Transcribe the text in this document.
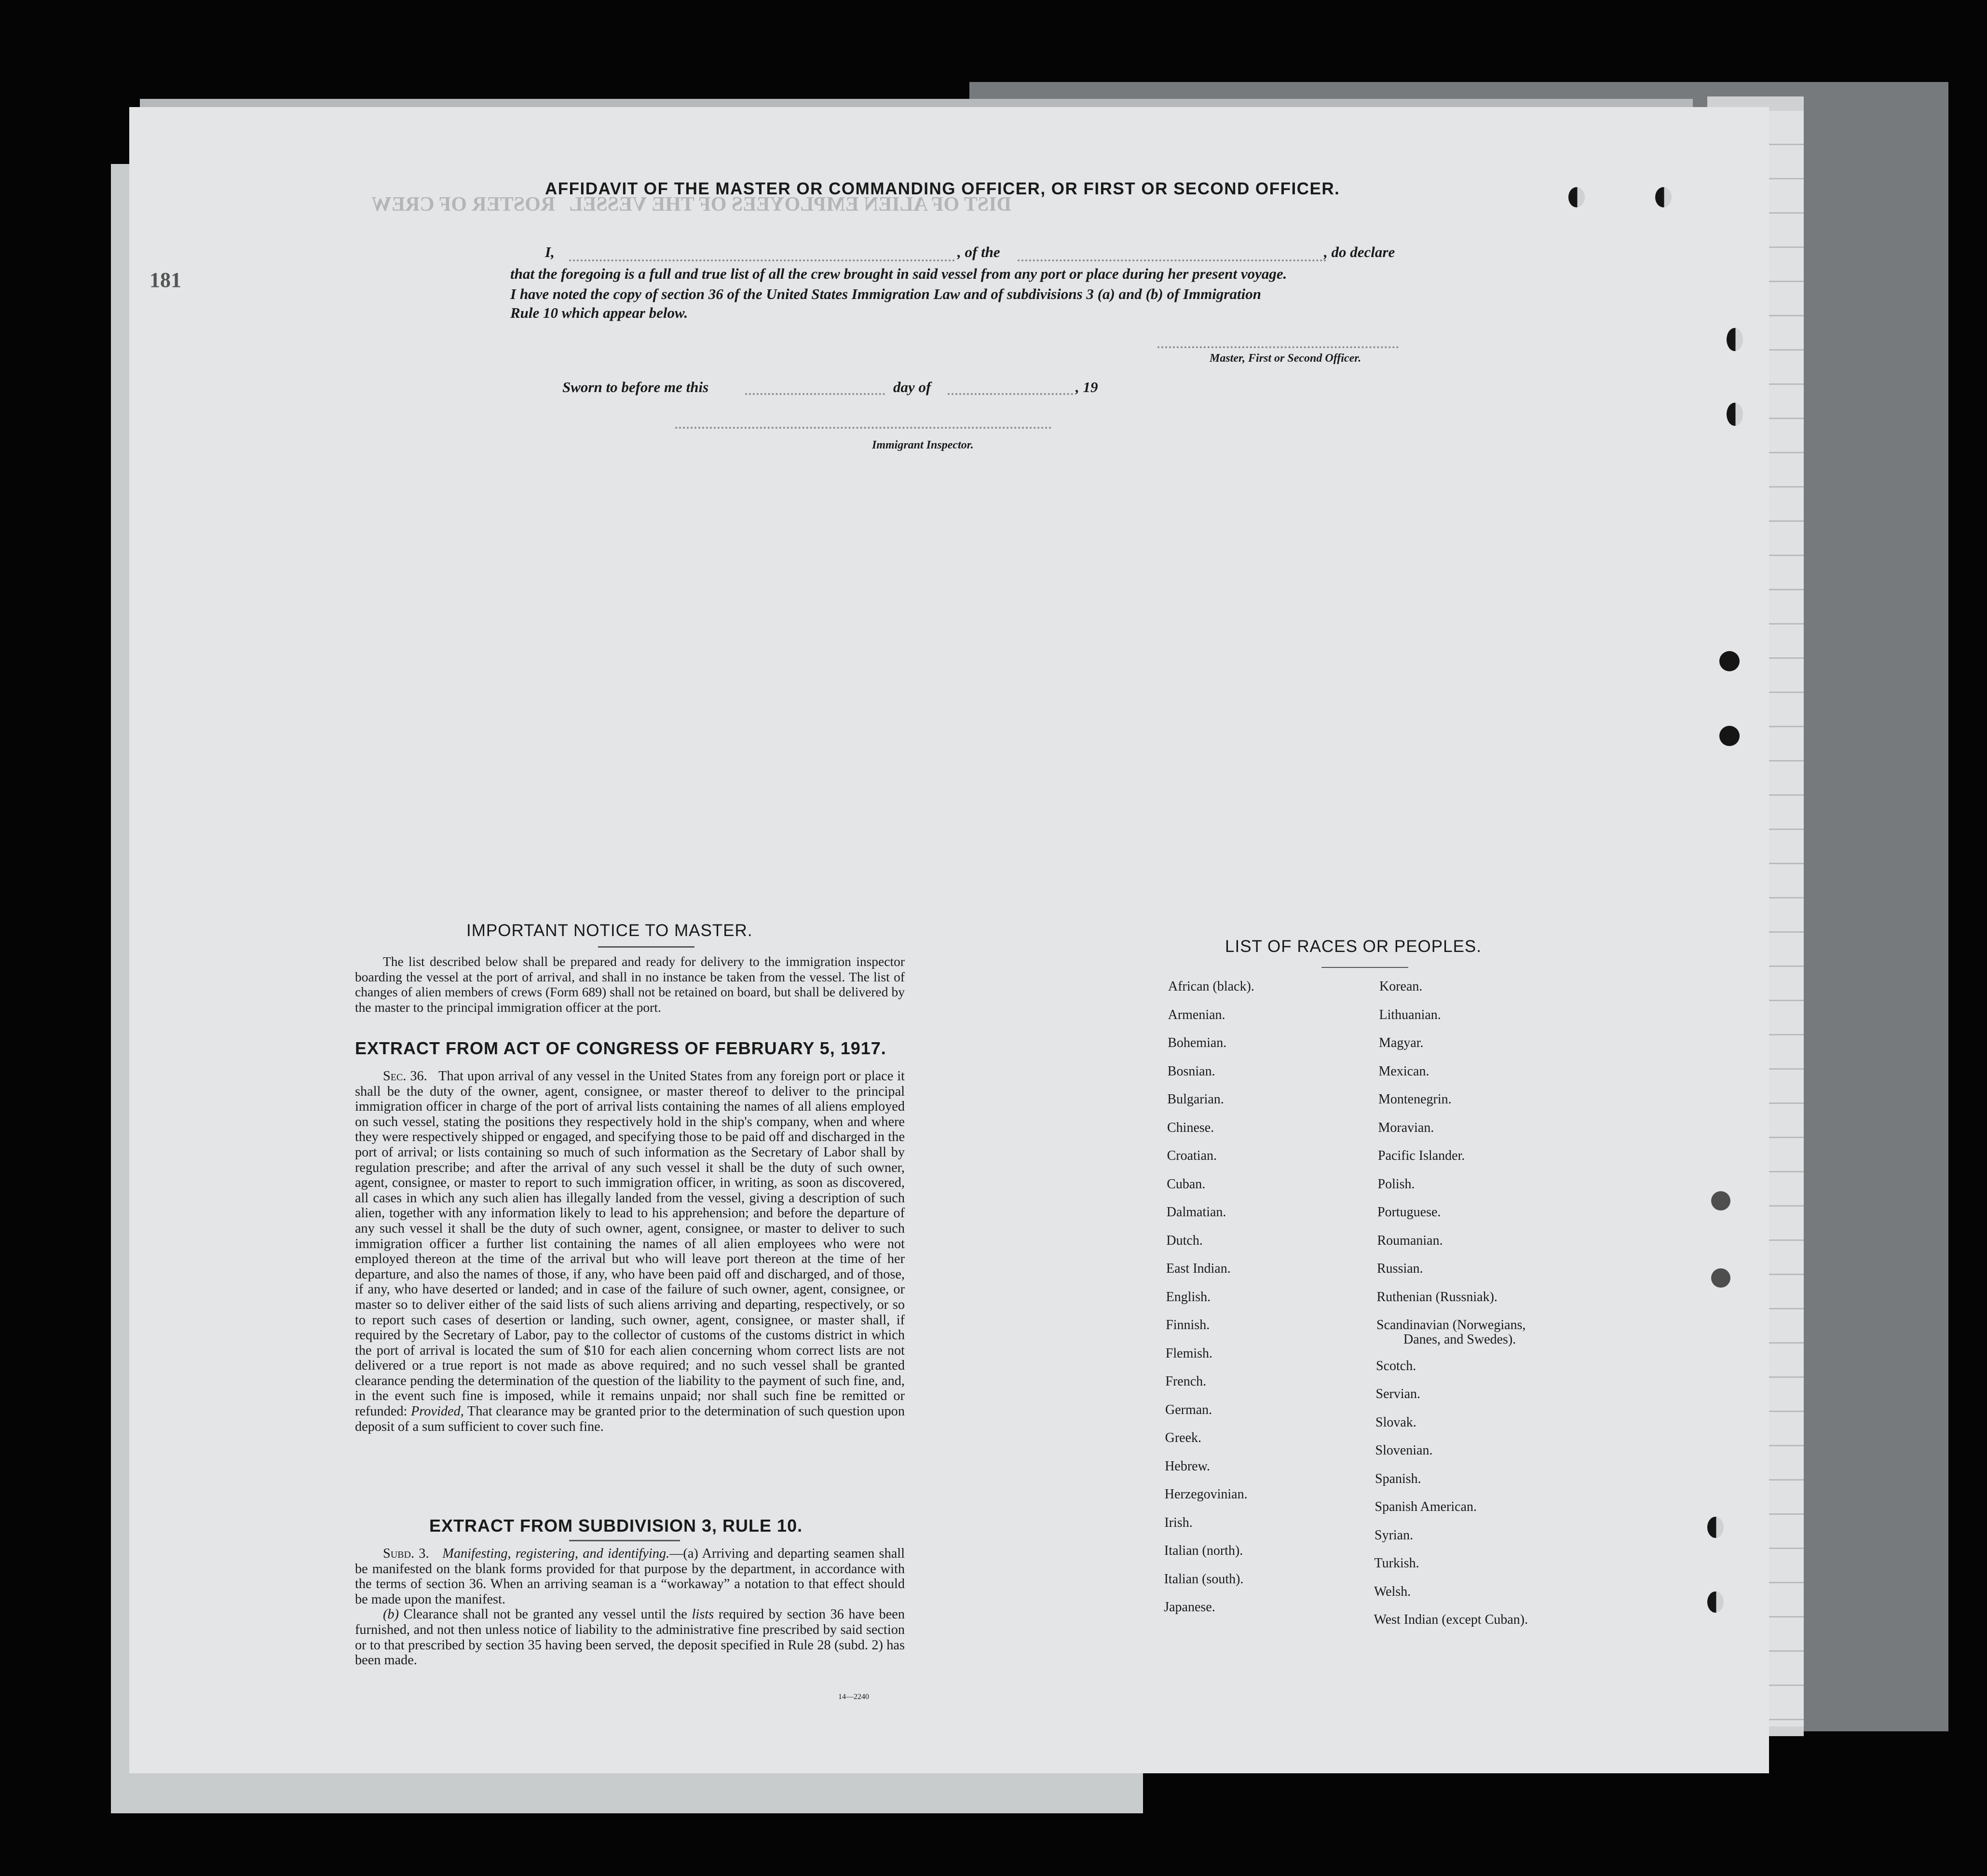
181
DIST OF ALIEN EMPLOYEES OF THE VESSEL   ROSTER OF CREW
AFFIDAVIT OF THE MASTER OR COMMANDING OFFICER, OR FIRST OR SECOND OFFICER.
I,	, of the	, do declare
that the foregoing is a full and true list of all the crew brought in said vessel from any port or place during her present voyage.
I have noted the copy of section 36 of the United States Immigration Law and of subdivisions 3 (a) and (b) of Immigration
Rule 10 which appear below.
Master, First or Second Officer.
Sworn to before me this	day of	, 19
Immigrant Inspector.
IMPORTANT NOTICE TO MASTER.

The list described below shall be prepared and ready for delivery to the immigration inspector boarding the vessel at the port of arrival, and shall in no instance be taken from the vessel. The list of changes of alien members of crews (Form 689) shall not be retained on board, but shall be delivered by the master to the principal immigration officer at the port.

EXTRACT FROM ACT OF CONGRESS OF FEBRUARY 5, 1917.

Sec. 36. That upon arrival of any vessel in the United States from any foreign port or place it shall be the duty of the owner, agent, consignee, or master thereof to deliver to the principal immigration officer in charge of the port of arrival lists containing the names of all aliens employed on such vessel, stating the positions they respectively hold in the ship's company, when and where they were respectively shipped or engaged, and specifying those to be paid off and discharged in the port of arrival; or lists containing so much of such information as the Secretary of Labor shall by regulation prescribe; and after the arrival of any such vessel it shall be the duty of such owner, agent, consignee, or master to report to such immigration officer, in writing, as soon as discovered, all cases in which any such alien has illegally landed from the vessel, giving a description of such alien, together with any information likely to lead to his apprehension; and before the departure of any such vessel it shall be the duty of such owner, agent, consignee, or master to deliver to such immigration officer a further list containing the names of all alien employees who were not employed thereon at the time of the arrival but who will leave port thereon at the time of her departure, and also the names of those, if any, who have been paid off and discharged, and of those, if any, who have deserted or landed; and in case of the failure of such owner, agent, consignee, or master so to deliver either of the said lists of such aliens arriving and departing, respectively, or so to report such cases of desertion or landing, such owner, agent, consignee, or master shall, if required by the Secretary of Labor, pay to the collector of customs of the customs district in which the port of arrival is located the sum of $10 for each alien concerning whom correct lists are not delivered or a true report is not made as above required; and no such vessel shall be granted clearance pending the determination of the question of the liability to the payment of such fine, and, in the event such fine is imposed, while it remains unpaid; nor shall such fine be remitted or refunded: Provided, That clearance may be granted prior to the determination of such question upon deposit of a sum sufficient to cover such fine.

EXTRACT FROM SUBDIVISION 3, RULE 10.

Subd. 3. Manifesting, registering, and identifying.—(a) Arriving and departing seamen shall be manifested on the blank forms provided for that purpose by the department, in accordance with the terms of section 36. When an arriving seaman is a “workaway” a notation to that effect should be made upon the manifest.

(b) Clearance shall not be granted any vessel until the lists required by section 36 have been furnished, and not then unless notice of liability to the administrative fine prescribed by said section or to that prescribed by section 35 having been served, the deposit specified in Rule 28 (subd. 2) has been made.

14—2240
LIST OF RACES OR PEOPLES.
African (black).
Armenian.
Bohemian.
Bosnian.
Bulgarian.
Chinese.
Croatian.
Cuban.
Dalmatian.
Dutch.
East Indian.
English.
Finnish.
Flemish.
French.
German.
Greek.
Hebrew.
Herzegovinian.
Irish.
Italian (north).
Italian (south).
Japanese.
Korean.
Lithuanian.
Magyar.
Mexican.
Montenegrin.
Moravian.
Pacific Islander.
Polish.
Portuguese.
Roumanian.
Russian.
Ruthenian (Russniak).
Scandinavian (Norwegians,
Danes, and Swedes).
Scotch.
Servian.
Slovak.
Slovenian.
Spanish.
Spanish American.
Syrian.
Turkish.
Welsh.
West Indian (except Cuban).
